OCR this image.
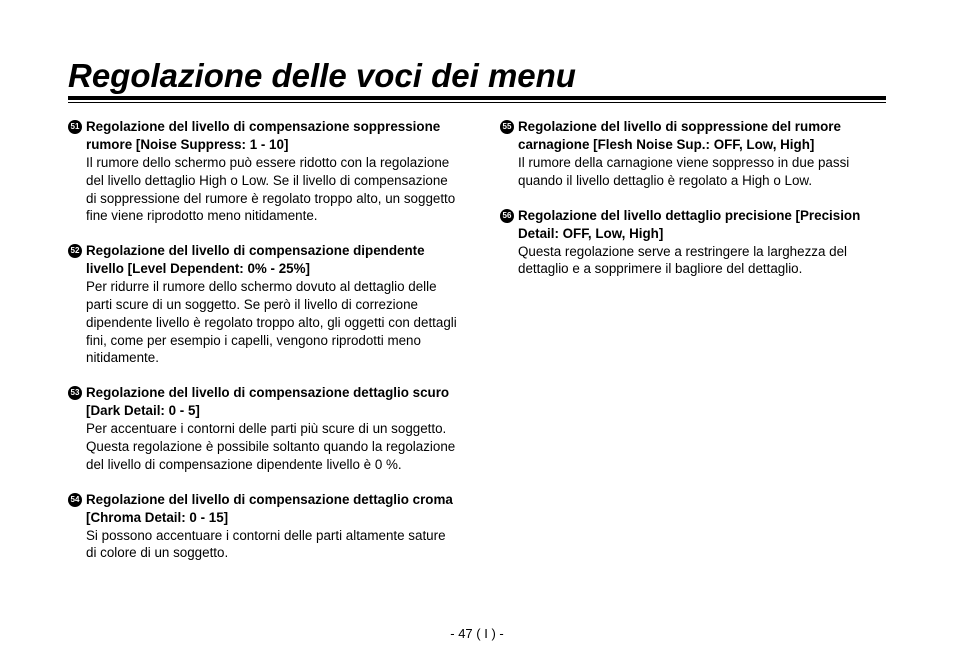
Regolazione delle voci dei menu
51 Regolazione del livello di compensazione soppressione rumore [Noise Suppress: 1 - 10]

Il rumore dello schermo può essere ridotto con la regolazione del livello dettaglio High o Low. Se il livello di compensazione di soppressione del rumore è regolato troppo alto, un soggetto fine viene riprodotto meno nitidamente.

52 Regolazione del livello di compensazione dipendente livello [Level Dependent: 0% - 25%]

Per ridurre il rumore dello schermo dovuto al dettaglio delle parti scure di un soggetto. Se però il livello di correzione dipendente livello è regolato troppo alto, gli oggetti con dettagli fini, come per esempio i capelli, vengono riprodotti meno nitidamente.

53 Regolazione del livello di compensazione dettaglio scuro [Dark Detail: 0 - 5]

Per accentuare i contorni delle parti più scure di un soggetto. Questa regolazione è possibile soltanto quando la regolazione del livello di compensazione dipendente livello è 0 %.

54 Regolazione del livello di compensazione dettaglio croma [Chroma Detail: 0 - 15]

Si possono accentuare i contorni delle parti altamente sature di colore di un soggetto.

55 Regolazione del livello di soppressione del rumore carnagione [Flesh Noise Sup.: OFF, Low, High]

Il rumore della carnagione viene soppresso in due passi quando il livello dettaglio è regolato a High o Low.

56 Regolazione del livello dettaglio precisione [Precision Detail: OFF, Low, High]

Questa regolazione serve a restringere la larghezza del dettaglio e a sopprimere il bagliore del dettaglio.

- 47 ( I ) -
